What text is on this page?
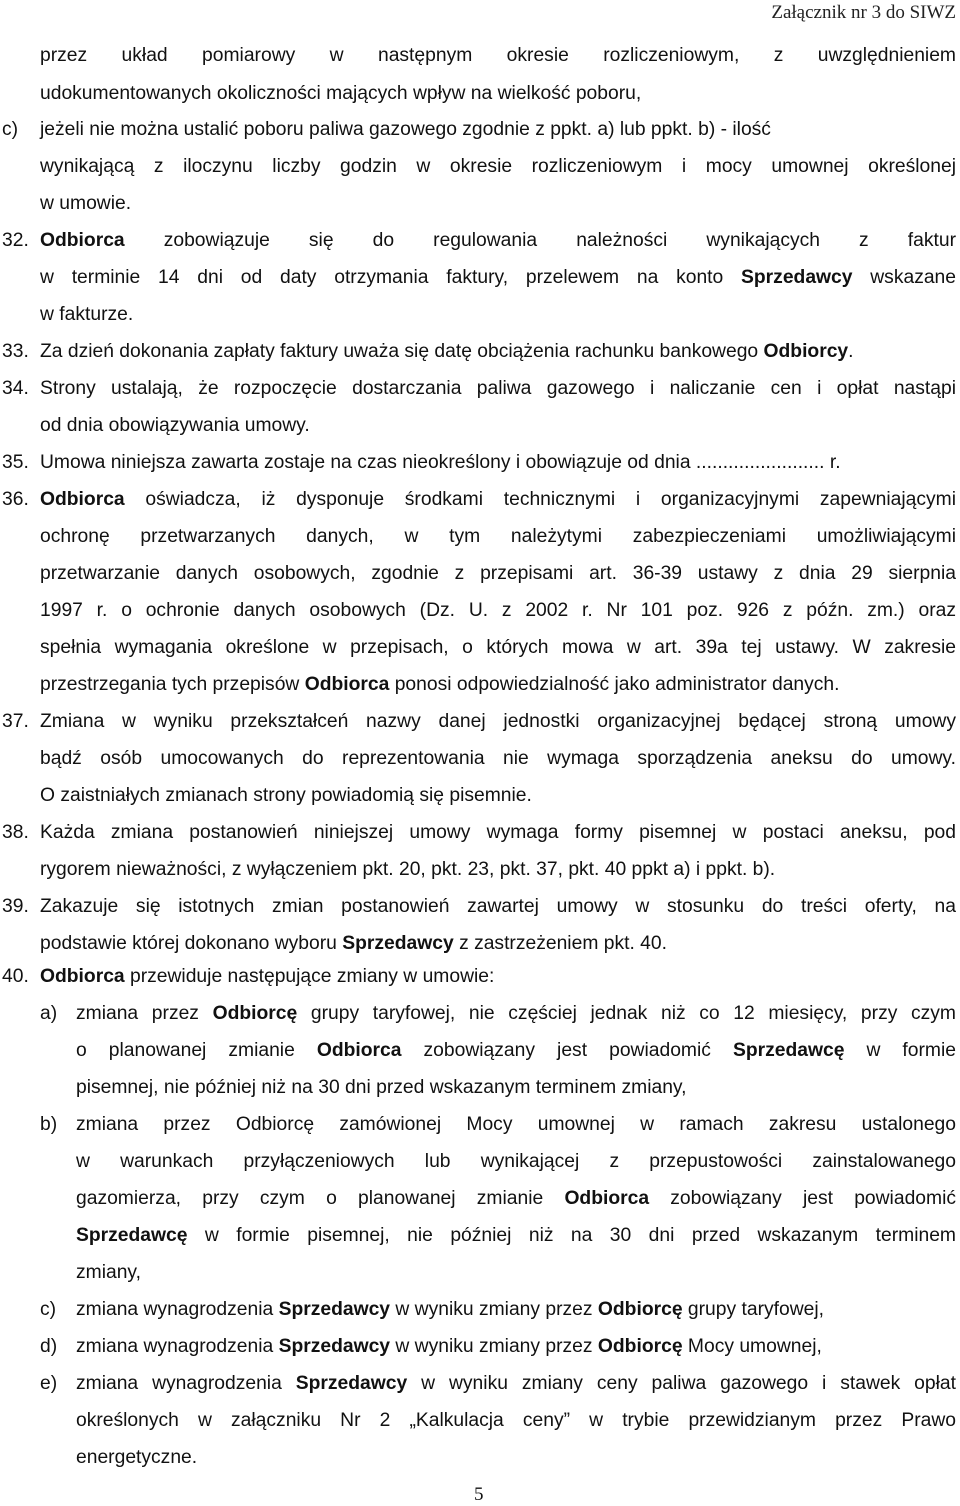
Załącznik nr 3 do SIWZ
przez układ pomiarowy w następnym okresie rozliczeniowym, z uwzględnieniem
udokumentowanych okoliczności mających wpływ na wielkość poboru,
c) jeżeli nie można ustalić poboru paliwa gazowego zgodnie z ppkt. a) lub ppkt. b) - ilość
wynikającą z iloczynu liczby godzin w okresie rozliczeniowym i mocy umownej określonej
w umowie.
32. Odbiorca zobowiązuje się do regulowania należności wynikających z faktur
w terminie 14 dni od daty otrzymania faktury, przelewem na konto Sprzedawcy wskazane
w fakturze.
33. Za dzień dokonania zapłaty faktury uważa się datę obciążenia rachunku bankowego Odbiorcy.
34. Strony ustalają, że rozpoczęcie dostarczania paliwa gazowego i naliczanie cen i opłat nastąpi
od dnia obowiązywania umowy.
35. Umowa niniejsza zawarta zostaje na czas nieokreślony i obowiązuje od dnia ........................ r.
36. Odbiorca oświadcza, iż dysponuje środkami technicznymi i organizacyjnymi zapewniającymi
ochronę przetwarzanych danych, w tym należytymi zabezpieczeniami umożliwiającymi
przetwarzanie danych osobowych, zgodnie z przepisami art. 36-39 ustawy z dnia 29 sierpnia
1997 r. o ochronie danych osobowych (Dz. U. z 2002 r. Nr 101 poz. 926 z późn. zm.) oraz
spełnia wymagania określone w przepisach, o których mowa w art. 39a tej ustawy. W zakresie
przestrzegania tych przepisów Odbiorca ponosi odpowiedzialność jako administrator danych.
37. Zmiana w wyniku przekształceń nazwy danej jednostki organizacyjnej będącej stroną umowy
bądź osób umocowanych do reprezentowania nie wymaga sporządzenia aneksu do umowy.
O zaistniałych zmianach strony powiadomią się pisemnie.
38. Każda zmiana postanowień niniejszej umowy wymaga formy pisemnej w postaci aneksu, pod
rygorem nieważności, z wyłączeniem pkt. 20, pkt. 23, pkt. 37, pkt. 40 ppkt a) i ppkt. b).
39. Zakazuje się istotnych zmian postanowień zawartej umowy w stosunku do treści oferty, na
podstawie której dokonano wyboru Sprzedawcy z zastrzeżeniem pkt. 40.
40. Odbiorca przewiduje następujące zmiany w umowie:
a) zmiana przez Odbiorcę grupy taryfowej, nie częściej jednak niż co 12 miesięcy, przy czym
o planowanej zmianie Odbiorca zobowiązany jest powiadomić Sprzedawcę w formie
pisemnej, nie później niż na 30 dni przed wskazanym terminem zmiany,
b) zmiana przez Odbiorcę zamówionej Mocy umownej w ramach zakresu ustalonego
w warunkach przyłączeniowych lub wynikającej z przepustowości zainstalowanego
gazomierza, przy czym o planowanej zmianie Odbiorca zobowiązany jest powiadomić
Sprzedawcę w formie pisemnej, nie później niż na 30 dni przed wskazanym terminem
zmiany,
c) zmiana wynagrodzenia Sprzedawcy w wyniku zmiany przez Odbiorcę grupy taryfowej,
d) zmiana wynagrodzenia Sprzedawcy w wyniku zmiany przez Odbiorcę Mocy umownej,
e) zmiana wynagrodzenia Sprzedawcy w wyniku zmiany ceny paliwa gazowego i stawek opłat
określonych w załączniku Nr 2 „Kalkulacja ceny” w trybie przewidzianym przez Prawo
energetyczne.
5
